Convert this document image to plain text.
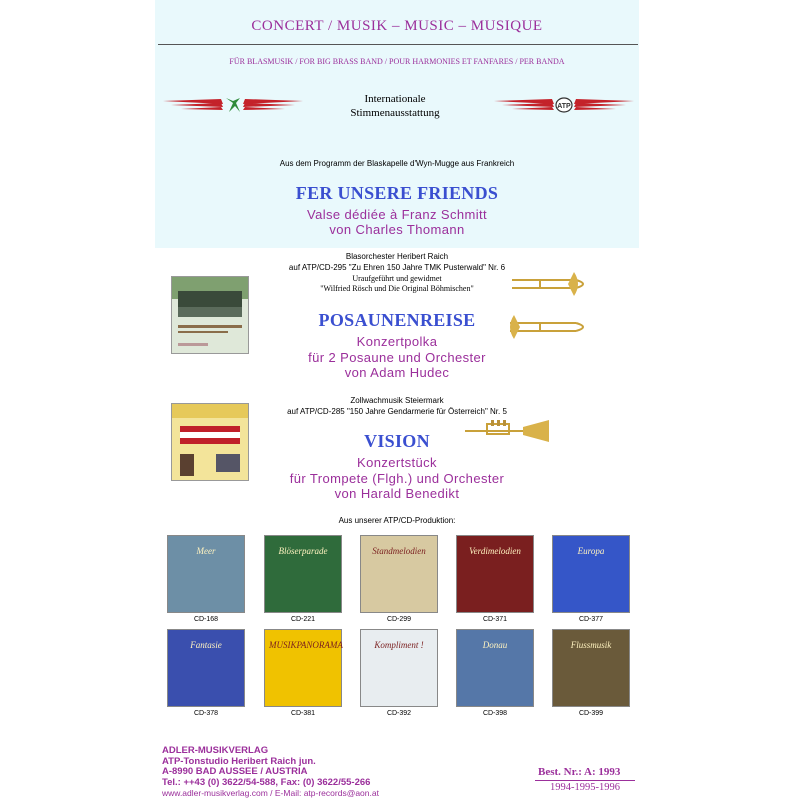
CONCERT / MUSIK – MUSIC – MUSIQUE
FÜR BLASMUSIK / FOR BIG BRASS BAND / POUR HARMONIES ET FANFARES / PER BANDA
Internationale
Stimmenausstattung
ATP
Aus dem Programm der Blaskapelle d'Wyn-Mugge aus Frankreich
FER UNSERE FRIENDS
Valse dédiée à Franz Schmitt
von Charles Thomann
Blasorchester Heribert Raich
auf ATP/CD-295 "Zu Ehren 150 Jahre TMK Pusterwald" Nr. 6
Uraufgeführt und gewidmet
"Wilfried Rösch und Die Original Böhmischen"
POSAUNENREISE
Konzertpolka
für 2 Posaune und Orchester
von Adam Hudec
Zollwachmusik Steiermark
auf ATP/CD-285 "150 Jahre Gendarmerie für Österreich" Nr. 5
VISION
Konzertstück
für Trompete (Flgh.) und Orchester
von Harald Benedikt
Aus unserer ATP/CD-Produktion:
Meer
CD-168
Blöserparade
CD-221
Standmelodien
CD-299
Verdimelodien
CD-371
Europa
CD-377
Fantasie
CD-378
MUSIKPANORAMA
CD-381
Kompliment !
CD-392
Donau
CD-398
Flussmusik
CD-399
ADLER-MUSIKVERLAG
ATP-Tonstudio Heribert Raich jun.
A-8990 BAD AUSSEE / AUSTRIA
Tel.: ++43 (0) 3622/54-588, Fax: (0) 3622/55-266
www.adler-musikverlag.com / E-Mail: atp-records@aon.at
Best. Nr.: A: 1993
1994-1995-1996
